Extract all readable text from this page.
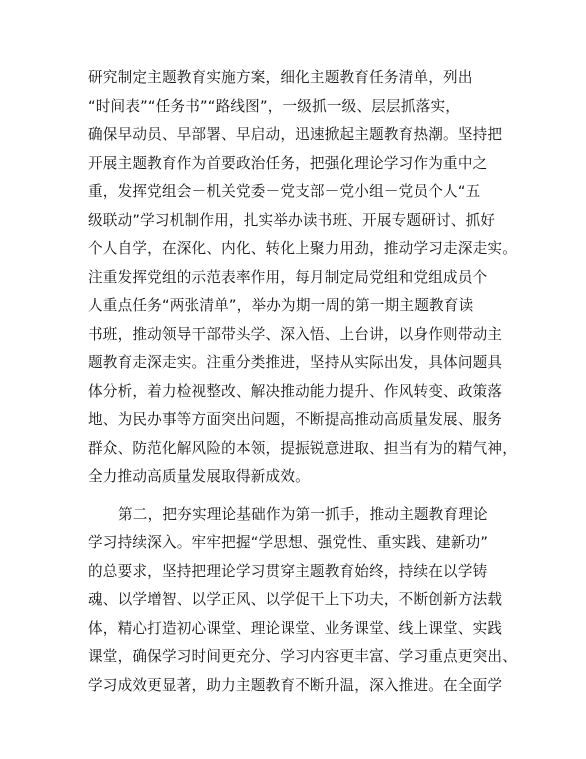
研究制定主题教育实施方案，细化主题教育任务清单，列出
“时间表”“任务书”“路线图”，一级抓一级、层层抓落实，
确保早动员、早部署、早启动，迅速掀起主题教育热潮。坚持把
开展主题教育作为首要政治任务，把强化理论学习作为重中之
重，发挥党组会－机关党委－党支部－党小组－党员个人“五
级联动”学习机制作用，扎实举办读书班、开展专题研讨、抓好
个人自学，在深化、内化、转化上聚力用劲，推动学习走深走实。
注重发挥党组的示范表率作用，每月制定局党组和党组成员个
人重点任务“两张清单”，举办为期一周的第一期主题教育读
书班，推动领导干部带头学、深入悟、上台讲，以身作则带动主
题教育走深走实。注重分类推进，坚持从实际出发，具体问题具
体分析，着力检视整改、解决推动能力提升、作风转变、政策落
地、为民办事等方面突出问题，不断提高推动高质量发展、服务
群众、防范化解风险的本领，提振锐意进取、担当有为的精气神，
全力推动高质量发展取得新成效。

第二，把夯实理论基础作为第一抓手，推动主题教育理论
学习持续深入。牢牢把握“学思想、强党性、重实践、建新功”
的总要求，坚持把理论学习贯穿主题教育始终，持续在以学铸
魂、以学增智、以学正风、以学促干上下功夫，不断创新方法载
体，精心打造初心课堂、理论课堂、业务课堂、线上课堂、实践
课堂，确保学习时间更充分、学习内容更丰富、学习重点更突出、
学习成效更显著，助力主题教育不断升温，深入推进。在全面学
